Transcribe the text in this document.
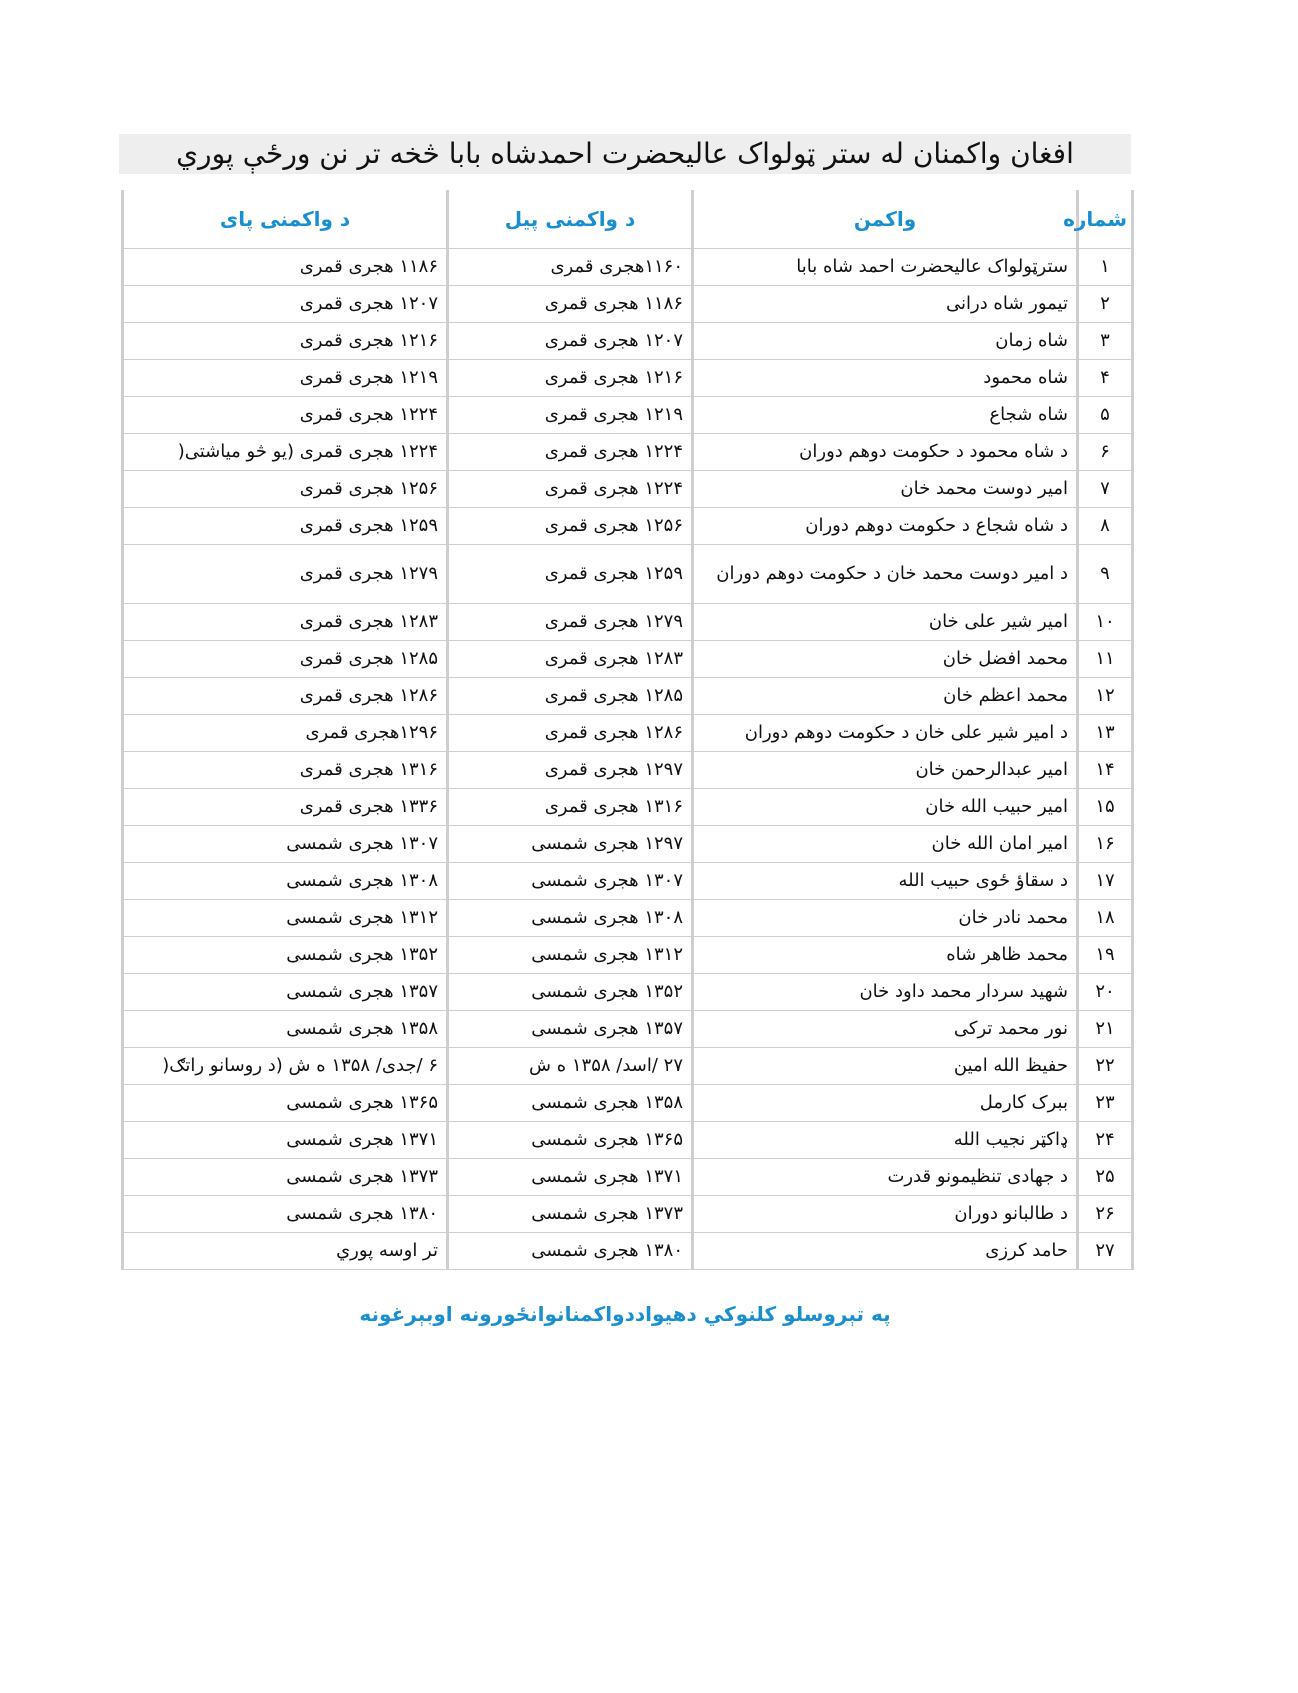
افغان واکمنان له ستر ټولواک عالیحضرت احمدشاه بابا څخه تر نن ورځې پوري
شماره	واکمن	د واکمنی پیل	د واکمنی پای
۱	سترټولواک عالیحضرت احمد شاه بابا	۱۱۶۰هجری قمری	۱۱۸۶ هجری قمری
۲	تیمور شاه درانی	۱۱۸۶ هجری قمری	۱۲۰۷ هجری قمری
۳	شاه زمان	۱۲۰۷ هجری قمری	۱۲۱۶ هجری قمری
۴	شاه محمود	۱۲۱۶ هجری قمری	۱۲۱۹ هجری قمری
۵	شاه شجاع	۱۲۱۹ هجری قمری	۱۲۲۴ هجری قمری
۶	د شاه محمود د حکومت دوهم دوران	۱۲۲۴ هجری قمری	۱۲۲۴ هجری قمری (یو څو میاشتی(
۷	امیر دوست محمد خان	۱۲۲۴ هجری قمری	۱۲۵۶ هجری قمری
۸	د شاه شجاع د حکومت دوهم دوران	۱۲۵۶ هجری قمری	۱۲۵۹ هجری قمری
۹	د امیر دوست محمد خان د حکومت دوهم دوران	۱۲۵۹ هجری قمری	۱۲۷۹ هجری قمری
۱۰	امیر شیر علی خان	۱۲۷۹ هجری قمری	۱۲۸۳ هجری قمری
۱۱	محمد افضل خان	۱۲۸۳ هجری قمری	۱۲۸۵ هجری قمری
۱۲	محمد اعظم خان	۱۲۸۵ هجری قمری	۱۲۸۶ هجری قمری
۱۳	د امیر شیر علی خان د حکومت دوهم دوران	۱۲۸۶ هجری قمری	۱۲۹۶هجری قمری
۱۴	امیر عبدالرحمن خان	۱۲۹۷ هجری قمری	۱۳۱۶ هجری قمری
۱۵	امیر حبیب الله خان	۱۳۱۶ هجری قمری	۱۳۳۶ هجری قمری
۱۶	امیر امان الله خان	۱۲۹۷ هجری شمسی	۱۳۰۷ هجری شمسی
۱۷	د سقاؤ ځوی حبیب الله	۱۳۰۷ هجری شمسی	۱۳۰۸ هجری شمسی
۱۸	محمد نادر خان	۱۳۰۸ هجری شمسی	۱۳۱۲ هجری شمسی
۱۹	محمد ظاهر شاه	۱۳۱۲ هجری شمسی	۱۳۵۲ هجری شمسی
۲۰	شهید سردار محمد داود خان	۱۳۵۲ هجری شمسی	۱۳۵۷ هجری شمسی
۲۱	نور محمد ترکی	۱۳۵۷ هجری شمسی	۱۳۵۸ هجری شمسی
۲۲	حفیظ الله امین	۲۷ /اسد/ ۱۳۵۸ ه ش	۶ /جدی/ ۱۳۵۸ ه ش (د روسانو راتګ(
۲۳	ببرک کارمل	۱۳۵۸ هجری شمسی	۱۳۶۵ هجری شمسی
۲۴	ډاکټر نجیب الله	۱۳۶۵ هجری شمسی	۱۳۷۱ هجری شمسی
۲۵	د جهادی تنظیمونو قدرت	۱۳۷۱ هجری شمسی	۱۳۷۳ هجری شمسی
۲۶	د طالبانو دوران	۱۳۷۳ هجری شمسی	۱۳۸۰ هجری شمسی
۲۷	حامد کرزی	۱۳۸۰ هجری شمسی	تر اوسه پوري
په تېروسلو کلنوکي دهیواددواکمنانوانځورونه اوبېرغونه
